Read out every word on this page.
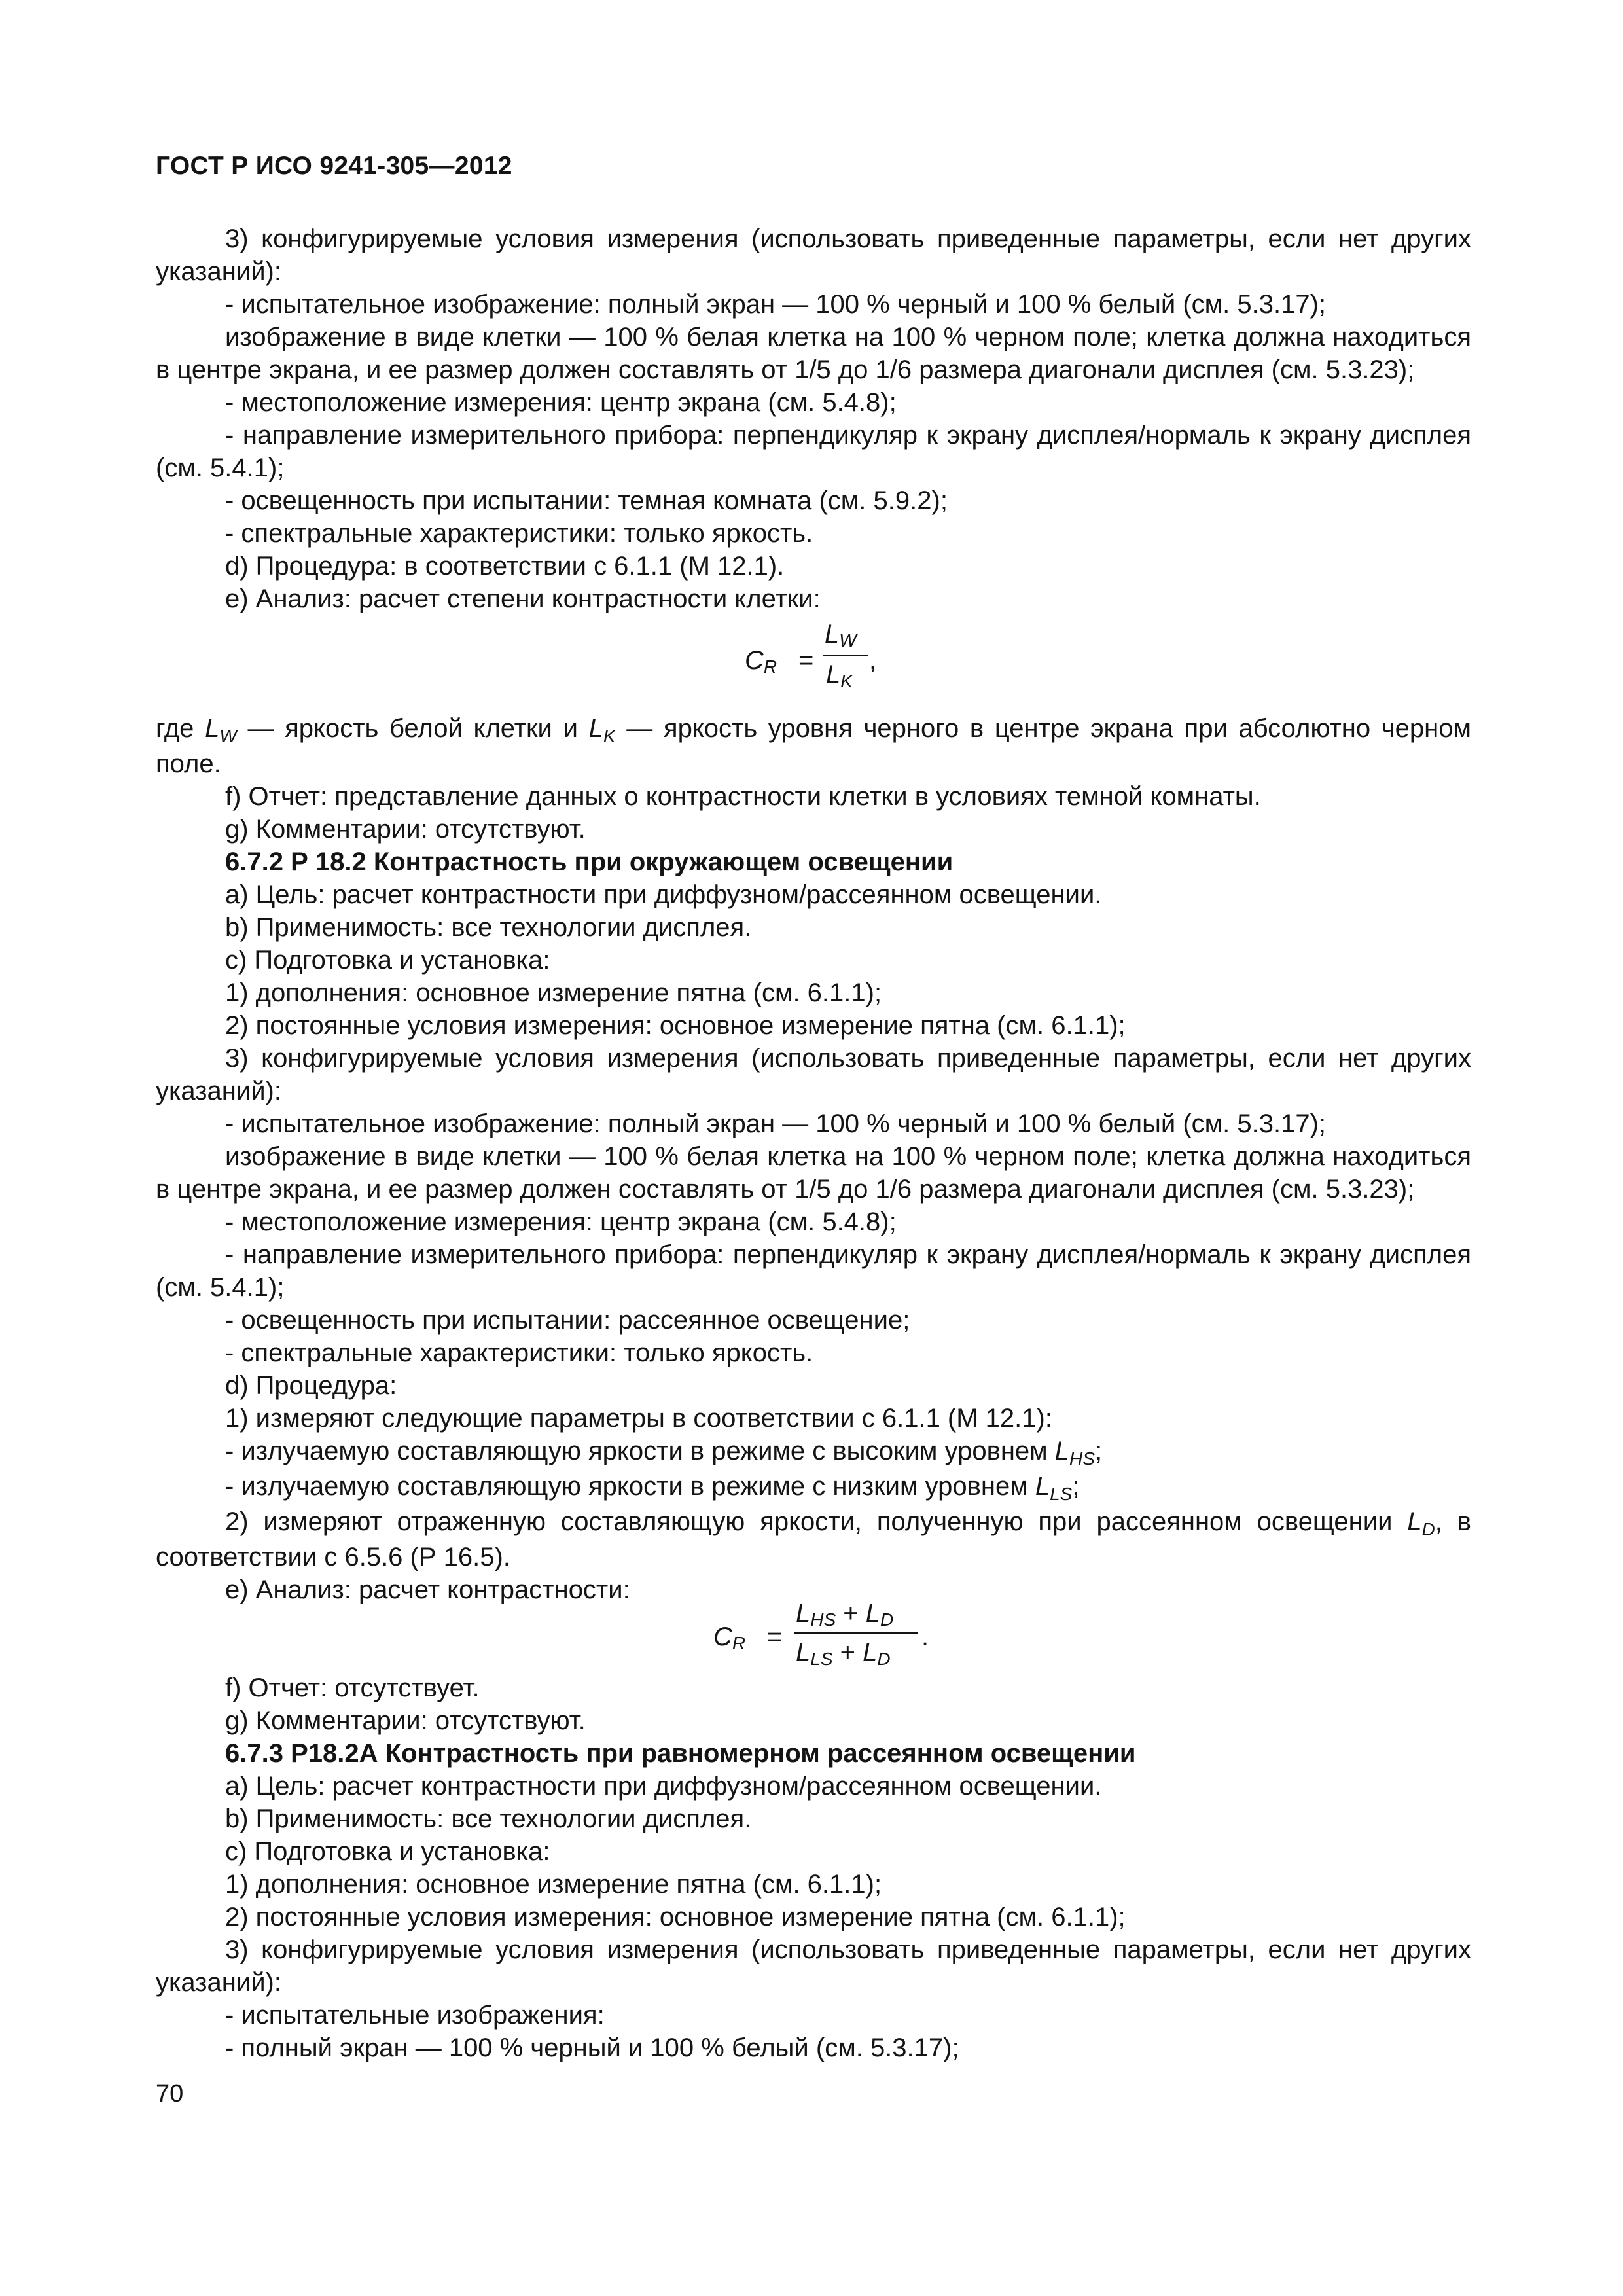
ГОСТ Р ИСО 9241-305—2012

3) конфигурируемые условия измерения (использовать приведенные параметры, если нет других указаний):

- испытательное изображение: полный экран — 100 % черный и 100 % белый (см. 5.3.17);

изображение в виде клетки — 100 % белая клетка на 100 % черном поле; клетка должна находиться в центре экрана, и ее размер должен составлять от 1/5 до 1/6 размера диагонали дисплея (см. 5.3.23);

- местоположение измерения: центр экрана (см. 5.4.8);

- направление измерительного прибора: перпендикуляр к экрану дисплея/нормаль к экрану дисплея (см. 5.4.1);

- освещенность при испытании: темная комната (см. 5.9.2);

- спектральные характеристики: только яркость.

d) Процедура: в соответствии с 6.1.1 (М 12.1).

e) Анализ: расчет степени контрастности клетки:

$C_R$ =
$L_W$
$L_K$
,

где $L_W$ — яркость белой клетки и $L_K$ — яркость уровня черного в центре экрана при абсолютно черном поле.

f) Отчет: представление данных о контрастности клетки в условиях темной комнаты.

g) Комментарии: отсутствуют.

6.7.2 Р 18.2 Контрастность при окружающем освещении

a) Цель: расчет контрастности при диффузном/рассеянном освещении.

b) Применимость: все технологии дисплея.

c) Подготовка и установка:

1) дополнения: основное измерение пятна (см. 6.1.1);

2) постоянные условия измерения: основное измерение пятна (см. 6.1.1);

3) конфигурируемые условия измерения (использовать приведенные параметры, если нет других указаний):

- испытательное изображение: полный экран — 100 % черный и 100 % белый (см. 5.3.17);

изображение в виде клетки — 100 % белая клетка на 100 % черном поле; клетка должна находиться в центре экрана, и ее размер должен составлять от 1/5 до 1/6 размера диагонали дисплея (см. 5.3.23);

- местоположение измерения: центр экрана (см. 5.4.8);

- направление измерительного прибора: перпендикуляр к экрану дисплея/нормаль к экрану дисплея (см. 5.4.1);

- освещенность при испытании: рассеянное освещение;

- спектральные характеристики: только яркость.

d) Процедура:

1) измеряют следующие параметры в соответствии с 6.1.1 (М 12.1):

- излучаемую составляющую яркости в режиме с высоким уровнем $L_{HS}$;

- излучаемую составляющую яркости в режиме с низким уровнем $L_{LS}$;

2) измеряют отраженную составляющую яркости, полученную при рассеянном освещении $L_D$, в соответствии с 6.5.6 (Р 16.5).

e) Анализ: расчет контрастности:

$C_R$ =
$L_{HS} + L_D$
$L_{LS} + L_D$
.

f) Отчет: отсутствует.

g) Комментарии: отсутствуют.

6.7.3 Р18.2А Контрастность при равномерном рассеянном освещении

a) Цель: расчет контрастности при диффузном/рассеянном освещении.

b) Применимость: все технологии дисплея.

c) Подготовка и установка:

1) дополнения: основное измерение пятна (см. 6.1.1);

2) постоянные условия измерения: основное измерение пятна (см. 6.1.1);

3) конфигурируемые условия измерения (использовать приведенные параметры, если нет других указаний):

- испытательные изображения:

- полный экран — 100 % черный и 100 % белый (см. 5.3.17);

70
